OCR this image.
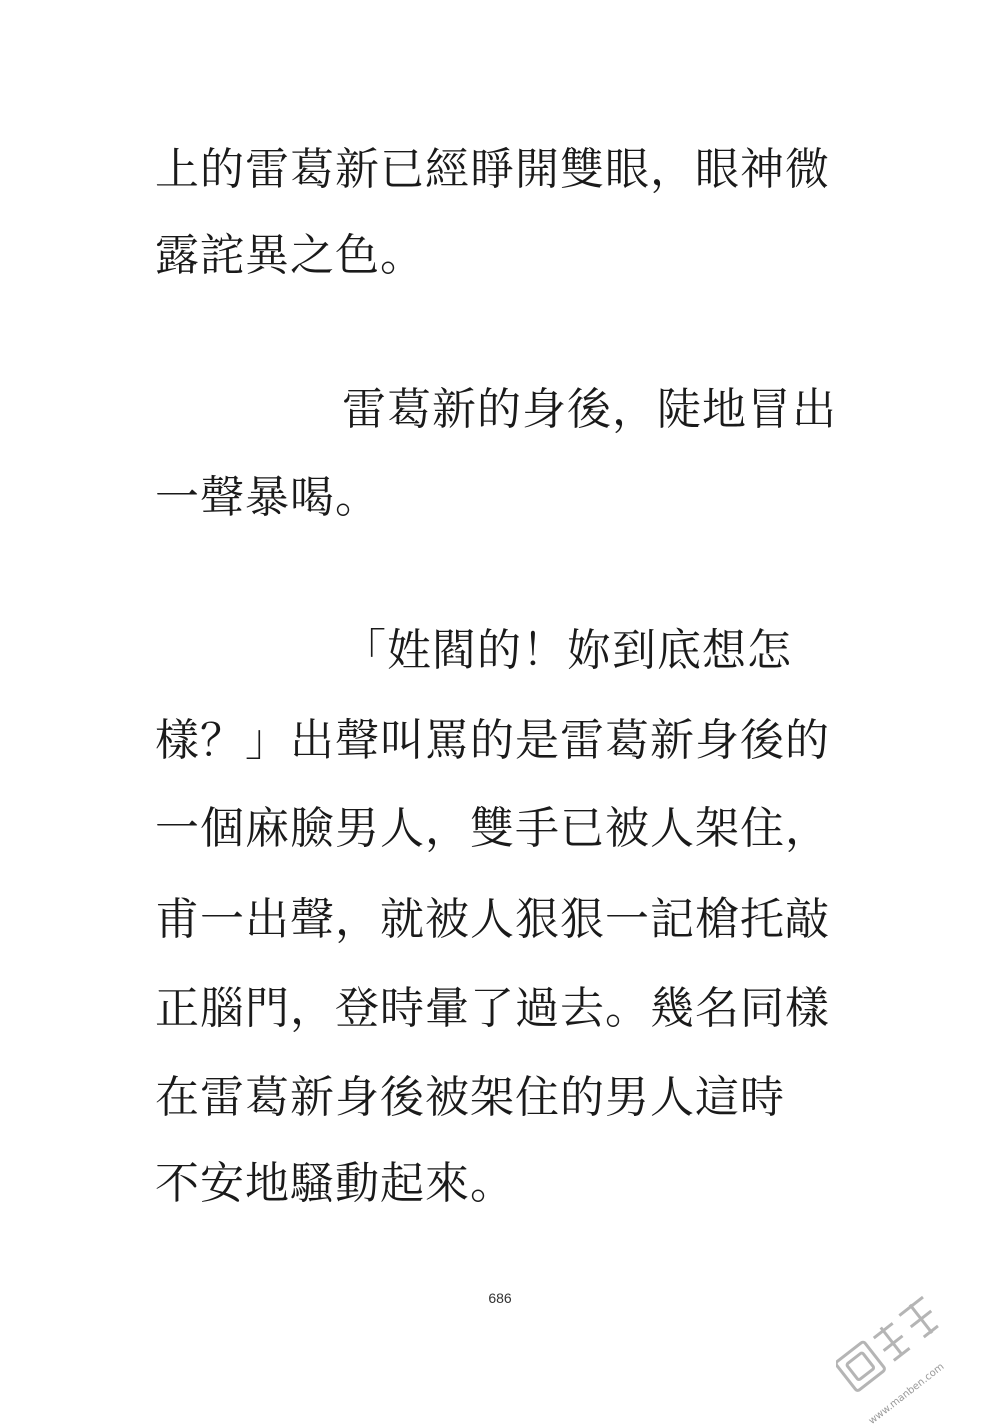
上的雷葛新已經睜開雙眼，眼神微
露詫異之色。
雷葛新的身後，陡地冒出
一聲暴喝。
「姓閻的！妳到底想怎
樣？」出聲叫罵的是雷葛新身後的
一個麻臉男人，雙手已被人架住，
甫一出聲，就被人狠狠一記槍托敲
正腦門，登時暈了過去。幾名同樣
在雷葛新身後被架住的男人這時
不安地騷動起來。
686
www.manben.com
